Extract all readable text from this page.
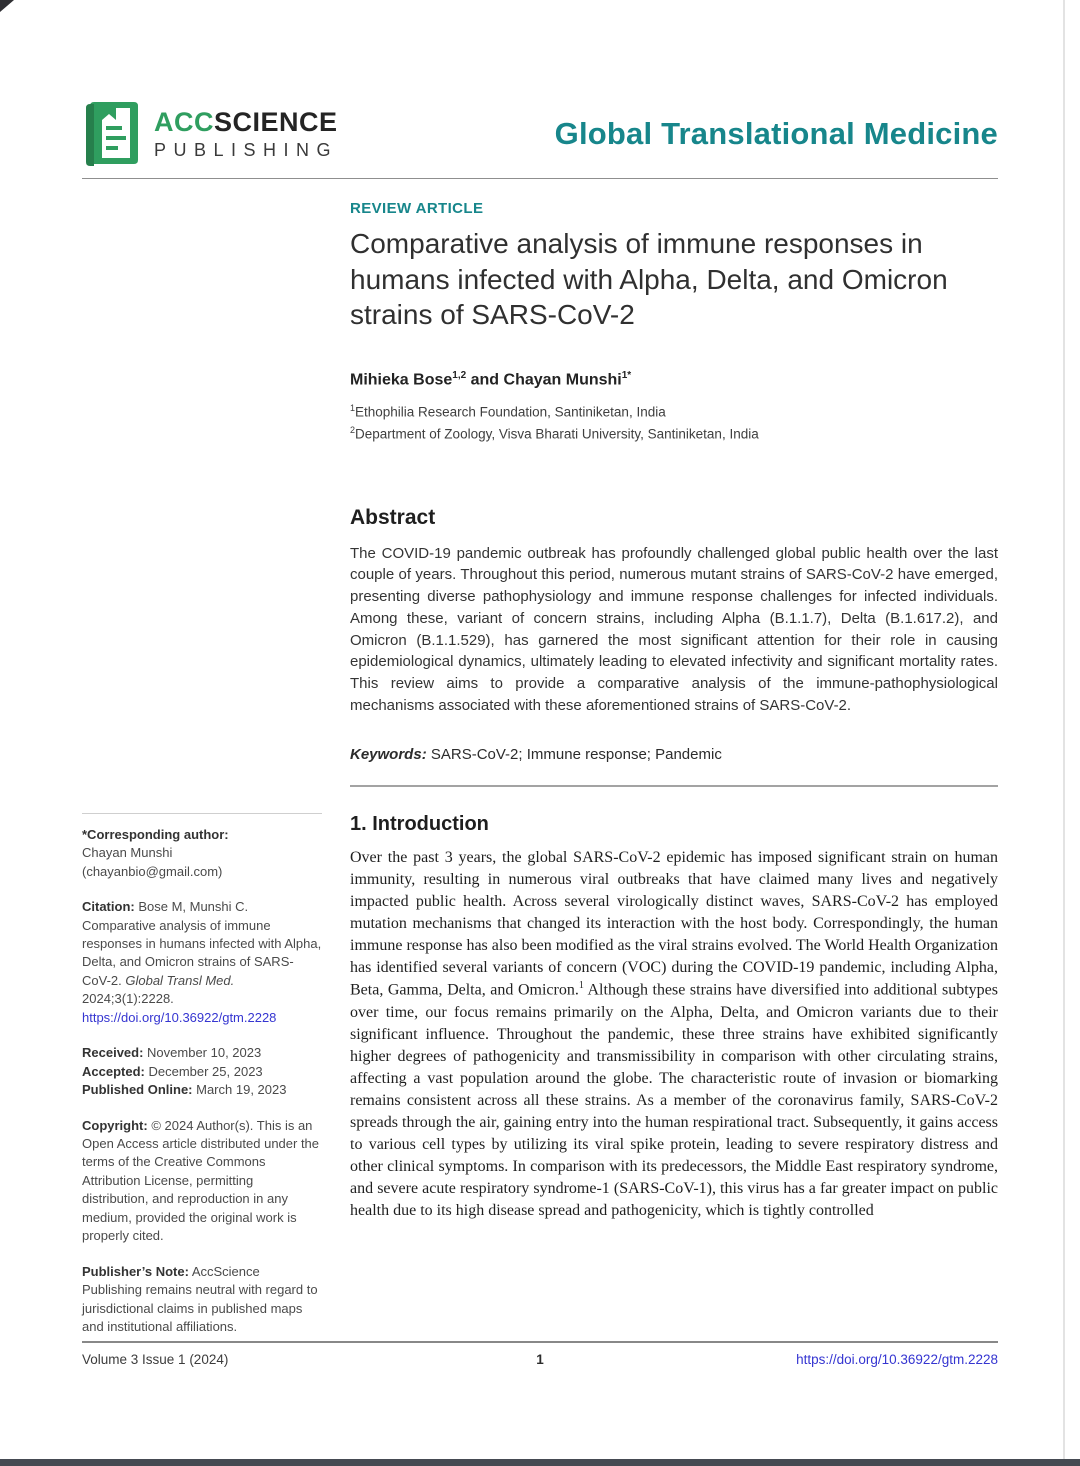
ACCSCIENCE
PUBLISHING	Global Translational Medicine
REVIEW ARTICLE
Comparative analysis of immune responses in humans infected with Alpha, Delta, and Omicron strains of SARS-CoV-2
Mihieka Bose$^{1,2}$ and Chayan Munshi$^{1*}$
$^1$Ethophilia Research Foundation, Santiniketan, India
$^2$Department of Zoology, Visva Bharati University, Santiniketan, India
Abstract

The COVID-19 pandemic outbreak has profoundly challenged global public health over the last couple of years. Throughout this period, numerous mutant strains of SARS-CoV-2 have emerged, presenting diverse pathophysiology and immune response challenges for infected individuals. Among these, variant of concern strains, including Alpha (B.1.1.7), Delta (B.1.617.2), and Omicron (B.1.1.529), has garnered the most significant attention for their role in causing epidemiological dynamics, ultimately leading to elevated infectivity and significant mortality rates. This review aims to provide a comparative analysis of the immune-pathophysiological mechanisms associated with these aforementioned strains of SARS-CoV-2.

Keywords: SARS-CoV-2; Immune response; Pandemic
*Corresponding author:
Chayan Munshi
(chayanbio@gmail.com)
Citation: Bose M, Munshi C. Comparative analysis of immune responses in humans infected with Alpha, Delta, and Omicron strains of SARS-CoV-2. Global Transl Med. 2024;3(1):2228.
https://doi.org/10.36922/gtm.2228
Received: November 10, 2023
Accepted: December 25, 2023
Published Online: March 19, 2023
Copyright: © 2024 Author(s). This is an Open Access article distributed under the terms of the Creative Commons Attribution License, permitting distribution, and reproduction in any medium, provided the original work is properly cited.
Publisher’s Note: AccScience Publishing remains neutral with regard to jurisdictional claims in published maps and institutional affiliations.
1. Introduction

Over the past 3 years, the global SARS-CoV-2 epidemic has imposed significant strain on human immunity, resulting in numerous viral outbreaks that have claimed many lives and negatively impacted public health. Across several virologically distinct waves, SARS-CoV-2 has employed mutation mechanisms that changed its interaction with the host body. Correspondingly, the human immune response has also been modified as the viral strains evolved. The World Health Organization has identified several variants of concern (VOC) during the COVID-19 pandemic, including Alpha, Beta, Gamma, Delta, and Omicron.$^1$ Although these strains have diversified into additional subtypes over time, our focus remains primarily on the Alpha, Delta, and Omicron variants due to their significant influence. Throughout the pandemic, these three strains have exhibited significantly higher degrees of pathogenicity and transmissibility in comparison with other circulating strains, affecting a vast population around the globe. The characteristic route of invasion or biomarking remains consistent across all these strains. As a member of the coronavirus family, SARS-CoV-2 spreads through the air, gaining entry into the human respirational tract. Subsequently, it gains access to various cell types by utilizing its viral spike protein, leading to severe respiratory distress and other clinical symptoms. In comparison with its predecessors, the Middle East respiratory syndrome, and severe acute respiratory syndrome-1 (SARS-CoV-1), this virus has a far greater impact on public health due to its high disease spread and pathogenicity, which is tightly controlled

Volume 3 Issue 1 (2024)	1	https://doi.org/10.36922/gtm.2228
